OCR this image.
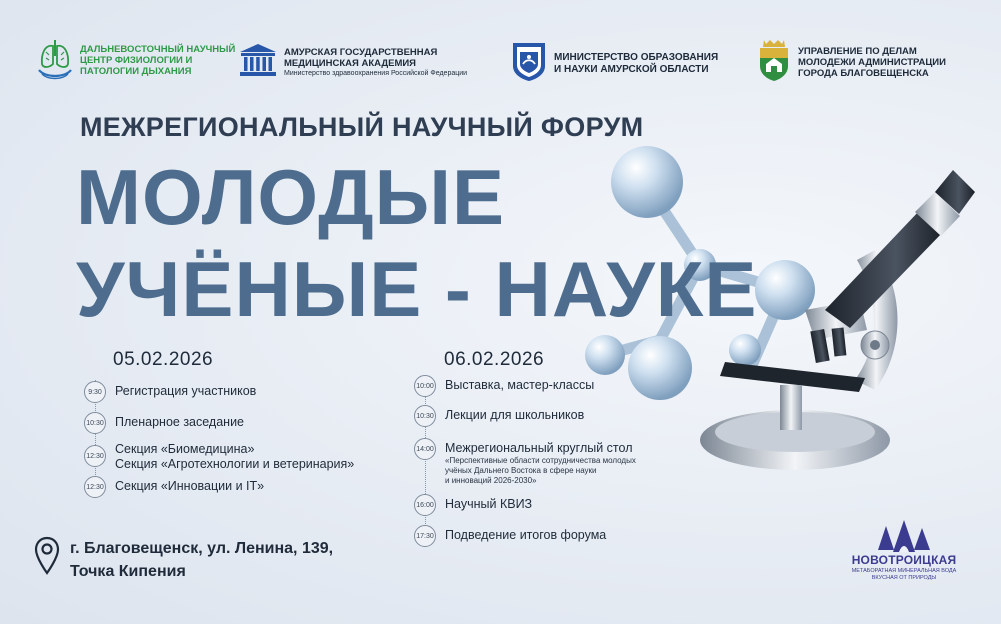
ДАЛЬНЕВОСТОЧНЫЙ НАУЧНЫЙ
ЦЕНТР ФИЗИОЛОГИИ И
ПАТОЛОГИИ ДЫХАНИЯ
АМУРСКАЯ ГОСУДАРСТВЕННАЯ
МЕДИЦИНСКАЯ АКАДЕМИЯ
Министерство здравоохранения Российской Федерации
МИНИСТЕРСТВО ОБРАЗОВАНИЯ
И НАУКИ АМУРСКОЙ ОБЛАСТИ
УПРАВЛЕНИЕ ПО ДЕЛАМ
МОЛОДЕЖИ АДМИНИСТРАЦИИ
ГОРОДА БЛАГОВЕЩЕНСКА
МЕЖРЕГИОНАЛЬНЫЙ НАУЧНЫЙ ФОРУМ
МОЛОДЫЕ
УЧЁНЫЕ - НАУКЕ
05.02.2026
9:30	Регистрация участников
10:30 Пленарное заседание
12:30 Секция «Биомедицина»
Секция «Агротехнологии и ветеринария»
12:30 Секция «Инновации и IT»
06.02.2026
10:00 Выставка, мастер-классы
10:30 Лекции для школьников
14:00 Межрегиональный круглый стол
«Перспективные области сотрудничества молодых
учёных Дальнего Востока в сфере науки
и инноваций 2026-2030»
16:00 Научный КВИЗ
17:30 Подведение итогов форума
г. Благовещенск, ул. Ленина, 139,
Точка Кипения
НОВОТРОИЦКАЯ
МЕТАБОРАТНАЯ МИНЕРАЛЬНАЯ ВОДА
ВКУСНАЯ ОТ ПРИРОДЫ
